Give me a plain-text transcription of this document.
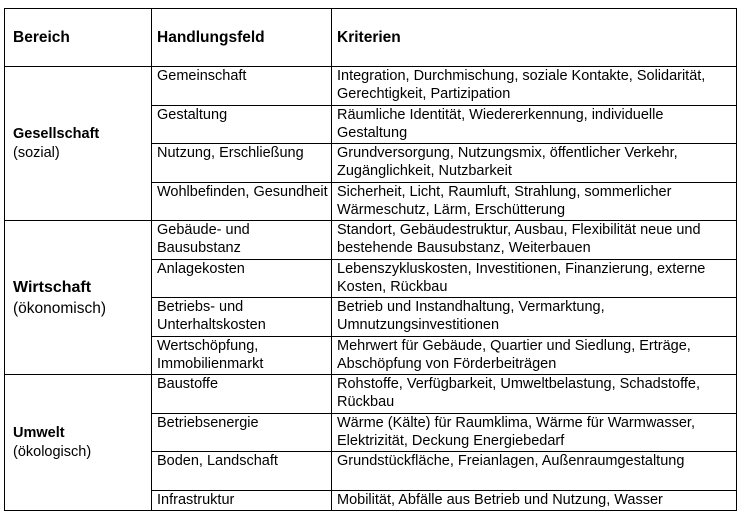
Bereich	Handlungsfeld	Kriterien

Gesellschaft
(sozial)	Gemeinschaft	Integration, Durchmischung, soziale Kontakte, Solidarität, Gerechtigkeit, Partizipation
	Gestaltung	Räumliche Identität, Wiedererkennung, individuelle Gestaltung
	Nutzung, Erschließung	Grundversorgung, Nutzungsmix, öffentlicher Verkehr, Zugänglichkeit, Nutzbarkeit
	Wohlbefinden, Gesundheit	Sicherheit, Licht, Raumluft, Strahlung, sommerlicher Wärmeschutz, Lärm, Erschütterung

Wirtschaft
(ökonomisch)	Gebäude- und Bausubstanz	Standort, Gebäudestruktur, Ausbau, Flexibilität neue und bestehende Bausubstanz, Weiterbauen
	Anlagekosten	Lebenszykluskosten, Investitionen, Finanzierung, externe Kosten, Rückbau
	Betriebs- und Unterhaltskosten	Betrieb und Instandhaltung, Vermarktung, Umnutzungsinvestitionen
	Wertschöpfung, Immobilienmarkt	Mehrwert für Gebäude, Quartier und Siedlung, Erträge, Abschöpfung von Förderbeiträgen

Umwelt
(ökologisch)	Baustoffe	Rohstoffe, Verfügbarkeit, Umweltbelastung, Schadstoffe, Rückbau
	Betriebsenergie	Wärme (Kälte) für Raumklima, Wärme für Warmwasser, Elektrizität, Deckung Energiebedarf
	Boden, Landschaft	Grundstückfläche, Freianlagen, Außenraumgestaltung
	Infrastruktur	Mobilität, Abfälle aus Betrieb und Nutzung, Wasser
